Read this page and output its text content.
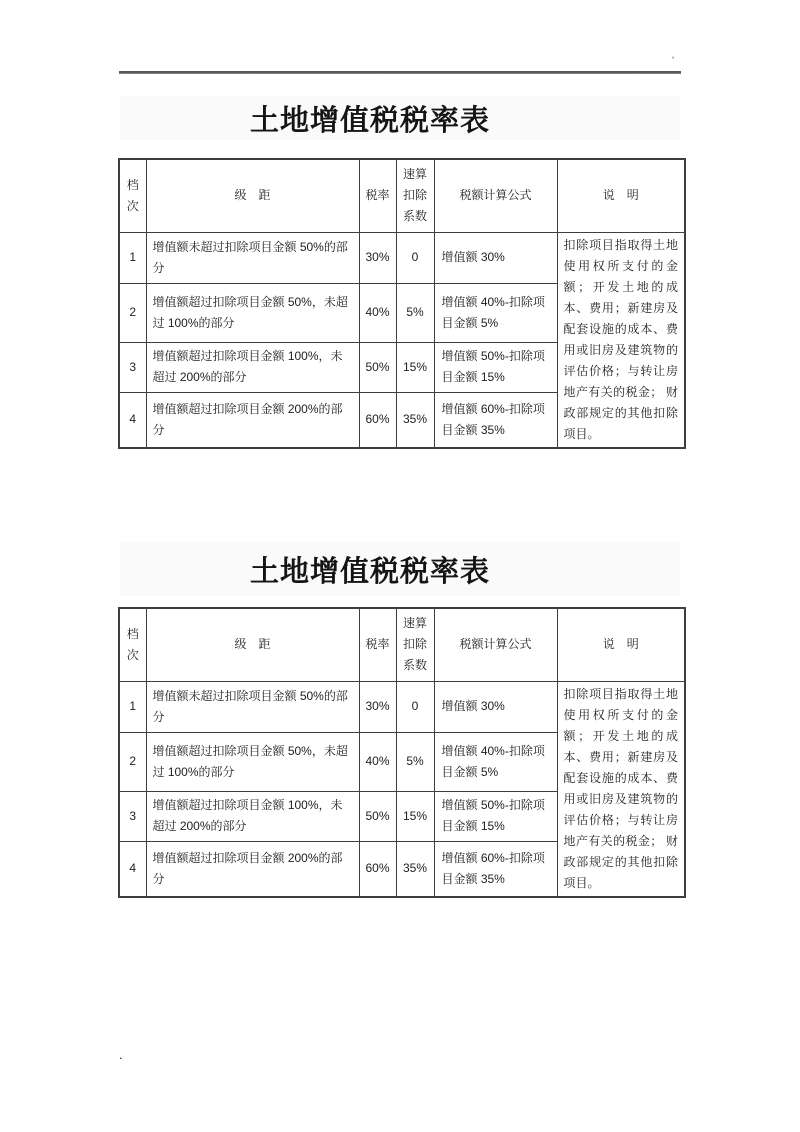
'
土地增值税税率表
档次	级　距	税率	速算扣除系数	税额计算公式	说　明
1	增值额未超过扣除项目金额 50%的部分	30%	0	增值额 30%	扣除项目指取得土地使用权所支付的金额；开发土地的成本、费用；新建房及配套设施的成本、费用或旧房及建筑物的评估价格；与转让房地产有关的税金； 财政部规定的其他扣除项目。
2	增值额超过扣除项目金额 50%，未超过 100%的部分	40%	5%	增值额 40%-扣除项目金额 5%	
3	增值额超过扣除项目金额 100%，未超过 200%的部分	50%	15%	增值额 50%-扣除项目金额 15%	
4	增值额超过扣除项目金额 200%的部分	60%	35%	增值额 60%-扣除项目金额 35%	
土地增值税税率表
档次	级　距	税率	速算扣除系数	税额计算公式	说　明
1	增值额未超过扣除项目金额 50%的部分	30%	0	增值额 30%	扣除项目指取得土地使用权所支付的金额；开发土地的成本、费用；新建房及配套设施的成本、费用或旧房及建筑物的评估价格；与转让房地产有关的税金； 财政部规定的其他扣除项目。
2	增值额超过扣除项目金额 50%，未超过 100%的部分	40%	5%	增值额 40%-扣除项目金额 5%	
3	增值额超过扣除项目金额 100%，未超过 200%的部分	50%	15%	增值额 50%-扣除项目金额 15%	
4	增值额超过扣除项目金额 200%的部分	60%	35%	增值额 60%-扣除项目金额 35%	
.
